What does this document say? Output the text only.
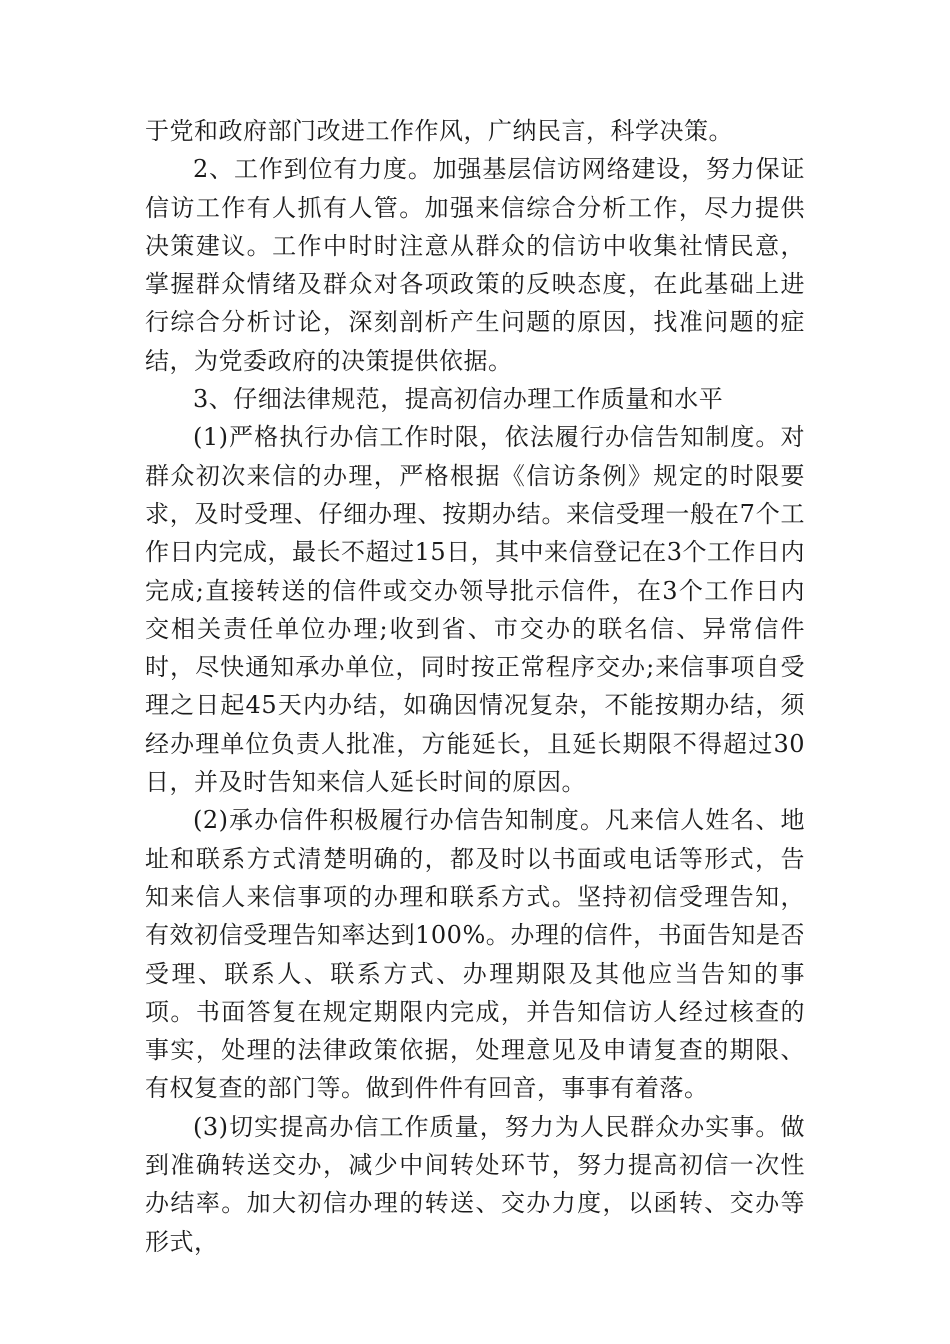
于党和政府部门改进工作作风，广纳民言，科学决策。

2、工作到位有力度。加强基层信访网络建设，努力保证信访工作有人抓有人管。加强来信综合分析工作，尽力提供决策建议。工作中时时注意从群众的信访中收集社情民意，掌握群众情绪及群众对各项政策的反映态度，在此基础上进行综合分析讨论，深刻剖析产生问题的原因，找准问题的症结，为党委政府的决策提供依据。

3、仔细法律规范，提高初信办理工作质量和水平

(1)严格执行办信工作时限，依法履行办信告知制度。对群众初次来信的办理，严格根据《信访条例》规定的时限要求，及时受理、仔细办理、按期办结。来信受理一般在7个工作日内完成，最长不超过15日，其中来信登记在3个工作日内完成;直接转送的信件或交办领导批示信件，在3个工作日内交相关责任单位办理;收到省、市交办的联名信、异常信件时，尽快通知承办单位，同时按正常程序交办;来信事项自受理之日起45天内办结，如确因情况复杂，不能按期办结，须经办理单位负责人批准，方能延长，且延长期限不得超过30日，并及时告知来信人延长时间的原因。

(2)承办信件积极履行办信告知制度。凡来信人姓名、地址和联系方式清楚明确的，都及时以书面或电话等形式，告知来信人来信事项的办理和联系方式。坚持初信受理告知，有效初信受理告知率达到100%。办理的信件，书面告知是否受理、联系人、联系方式、办理期限及其他应当告知的事项。书面答复在规定期限内完成，并告知信访人经过核查的事实，处理的法律政策依据，处理意见及申请复查的期限、有权复查的部门等。做到件件有回音，事事有着落。

(3)切实提高办信工作质量，努力为人民群众办实事。做到准确转送交办，减少中间转处环节，努力提高初信一次性办结率。加大初信办理的转送、交办力度，以函转、交办等形式，
